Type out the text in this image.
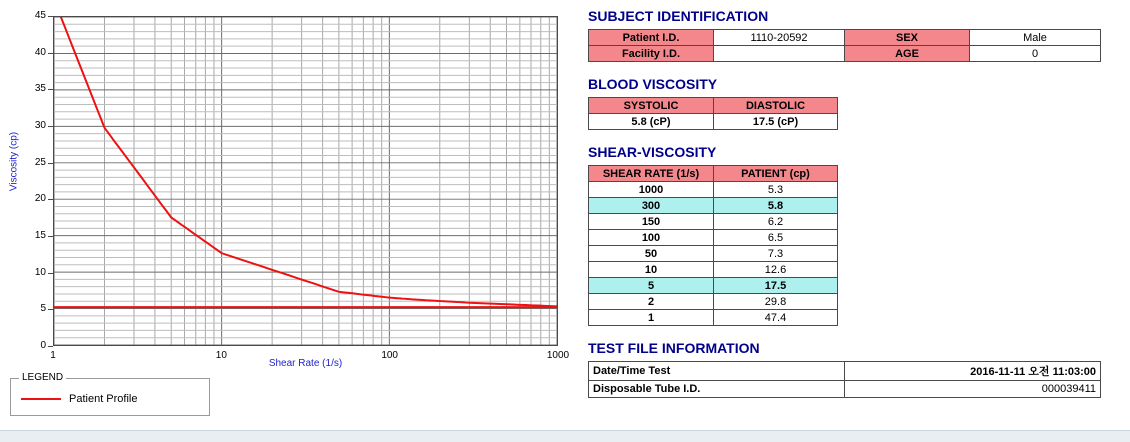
0
5
10
15
20
25
30
35
40
45
1	10	100	1000
Viscosity (cp)
Shear Rate (1/s)
LEGEND
Patient Profile
SUBJECT IDENTIFICATION
Patient I.D.	1110-20592	SEX	Male
Facility I.D.		AGE	0
BLOOD VISCOSITY
SYSTOLIC	DIASTOLIC
5.8 (cP)	17.5 (cP)
SHEAR-VISCOSITY
SHEAR RATE (1/s)	PATIENT (cp)
1000	5.3
300	5.8
150	6.2
100	6.5
50	7.3
10	12.6
5	17.5
2	29.8
1	47.4
TEST FILE INFORMATION
Date/Time Test	2016-11-11 오전 11:03:00
Disposable Tube I.D.	000039411
